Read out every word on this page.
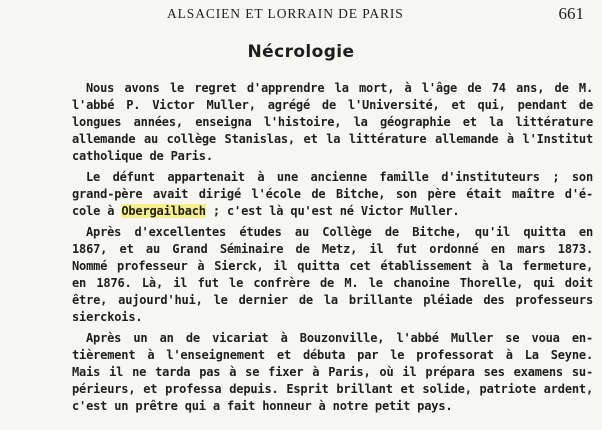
ALSACIEN ET LORRAIN DE PARIS	661
Nécrologie
Nous avons le regret d'apprendre la mort, à l'âge de 74 ans, de M.
l'abbé P. Victor Muller, agrégé de l'Université, et qui, pendant de
longues années, enseigna l'histoire, la géographie et la littérature
allemande au collège Stanislas, et la littérature allemande à l'Institut
catholique de Paris.
Le défunt appartenait à une ancienne famille d'instituteurs ; son
grand-père avait dirigé l'école de Bitche, son père était maître d'é-
cole à Obergailbach ; c'est là qu'est né Victor Muller.
Après d'excellentes études au Collège de Bitche, qu'il quitta en
1867, et au Grand Séminaire de Metz, il fut ordonné en mars 1873.
Nommé professeur à Sierck, il quitta cet établissement à la fermeture,
en 1876. Là, il fut le confrère de M. le chanoine Thorelle, qui doit
être, aujourd'hui, le dernier de la brillante pléiade des professeurs
sierckois.
Après un an de vicariat à Bouzonville, l'abbé Muller se voua en-
tièrement à l'enseignement et débuta par le professorat à La Seyne.
Mais il ne tarda pas à se fixer à Paris, où il prépara ses examens su-
périeurs, et professa depuis. Esprit brillant et solide, patriote ardent,
c'est un prêtre qui a fait honneur à notre petit pays.
